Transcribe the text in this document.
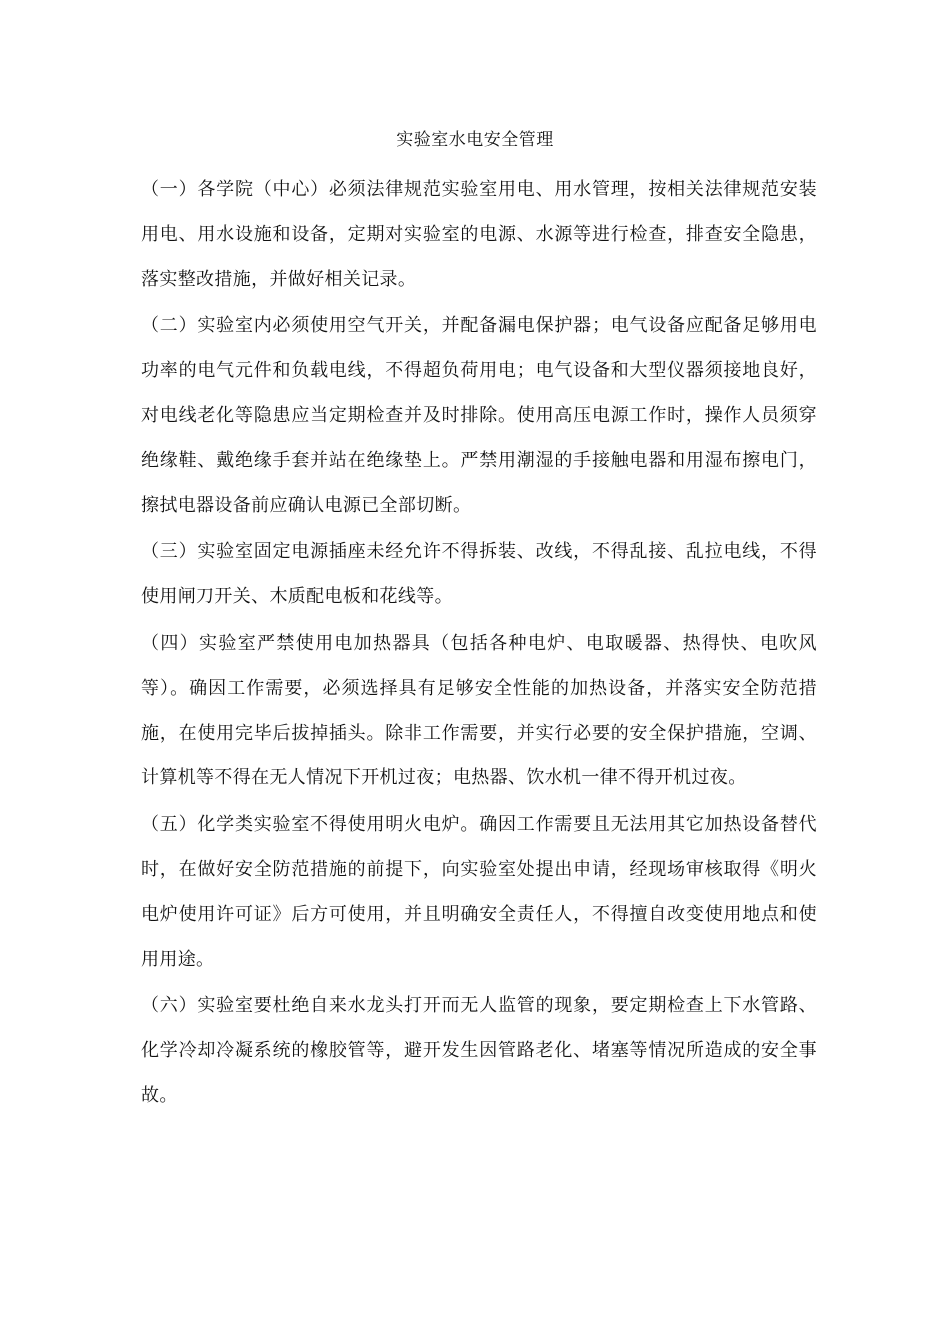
实验室水电安全管理

（一）各学院（中心）必须法律规范实验室用电、用水管理，按相关法律规范安装用电、用水设施和设备，定期对实验室的电源、水源等进行检查，排查安全隐患，落实整改措施，并做好相关记录。

（二）实验室内必须使用空气开关，并配备漏电保护器；电气设备应配备足够用电功率的电气元件和负载电线，不得超负荷用电；电气设备和大型仪器须接地良好，对电线老化等隐患应当定期检查并及时排除。使用高压电源工作时，操作人员须穿绝缘鞋、戴绝缘手套并站在绝缘垫上。严禁用潮湿的手接触电器和用湿布擦电门，擦拭电器设备前应确认电源已全部切断。

（三）实验室固定电源插座未经允许不得拆装、改线，不得乱接、乱拉电线，不得使用闸刀开关、木质配电板和花线等。

（四）实验室严禁使用电加热器具（包括各种电炉、电取暖器、热得快、电吹风等）。确因工作需要，必须选择具有足够安全性能的加热设备，并落实安全防范措施，在使用完毕后拔掉插头。除非工作需要，并实行必要的安全保护措施，空调、计算机等不得在无人情况下开机过夜；电热器、饮水机一律不得开机过夜。

（五）化学类实验室不得使用明火电炉。确因工作需要且无法用其它加热设备替代时，在做好安全防范措施的前提下，向实验室处提出申请，经现场审核取得《明火电炉使用许可证》后方可使用，并且明确安全责任人，不得擅自改变使用地点和使用用途。

（六）实验室要杜绝自来水龙头打开而无人监管的现象，要定期检查上下水管路、化学冷却冷凝系统的橡胶管等，避开发生因管路老化、堵塞等情况所造成的安全事故。
